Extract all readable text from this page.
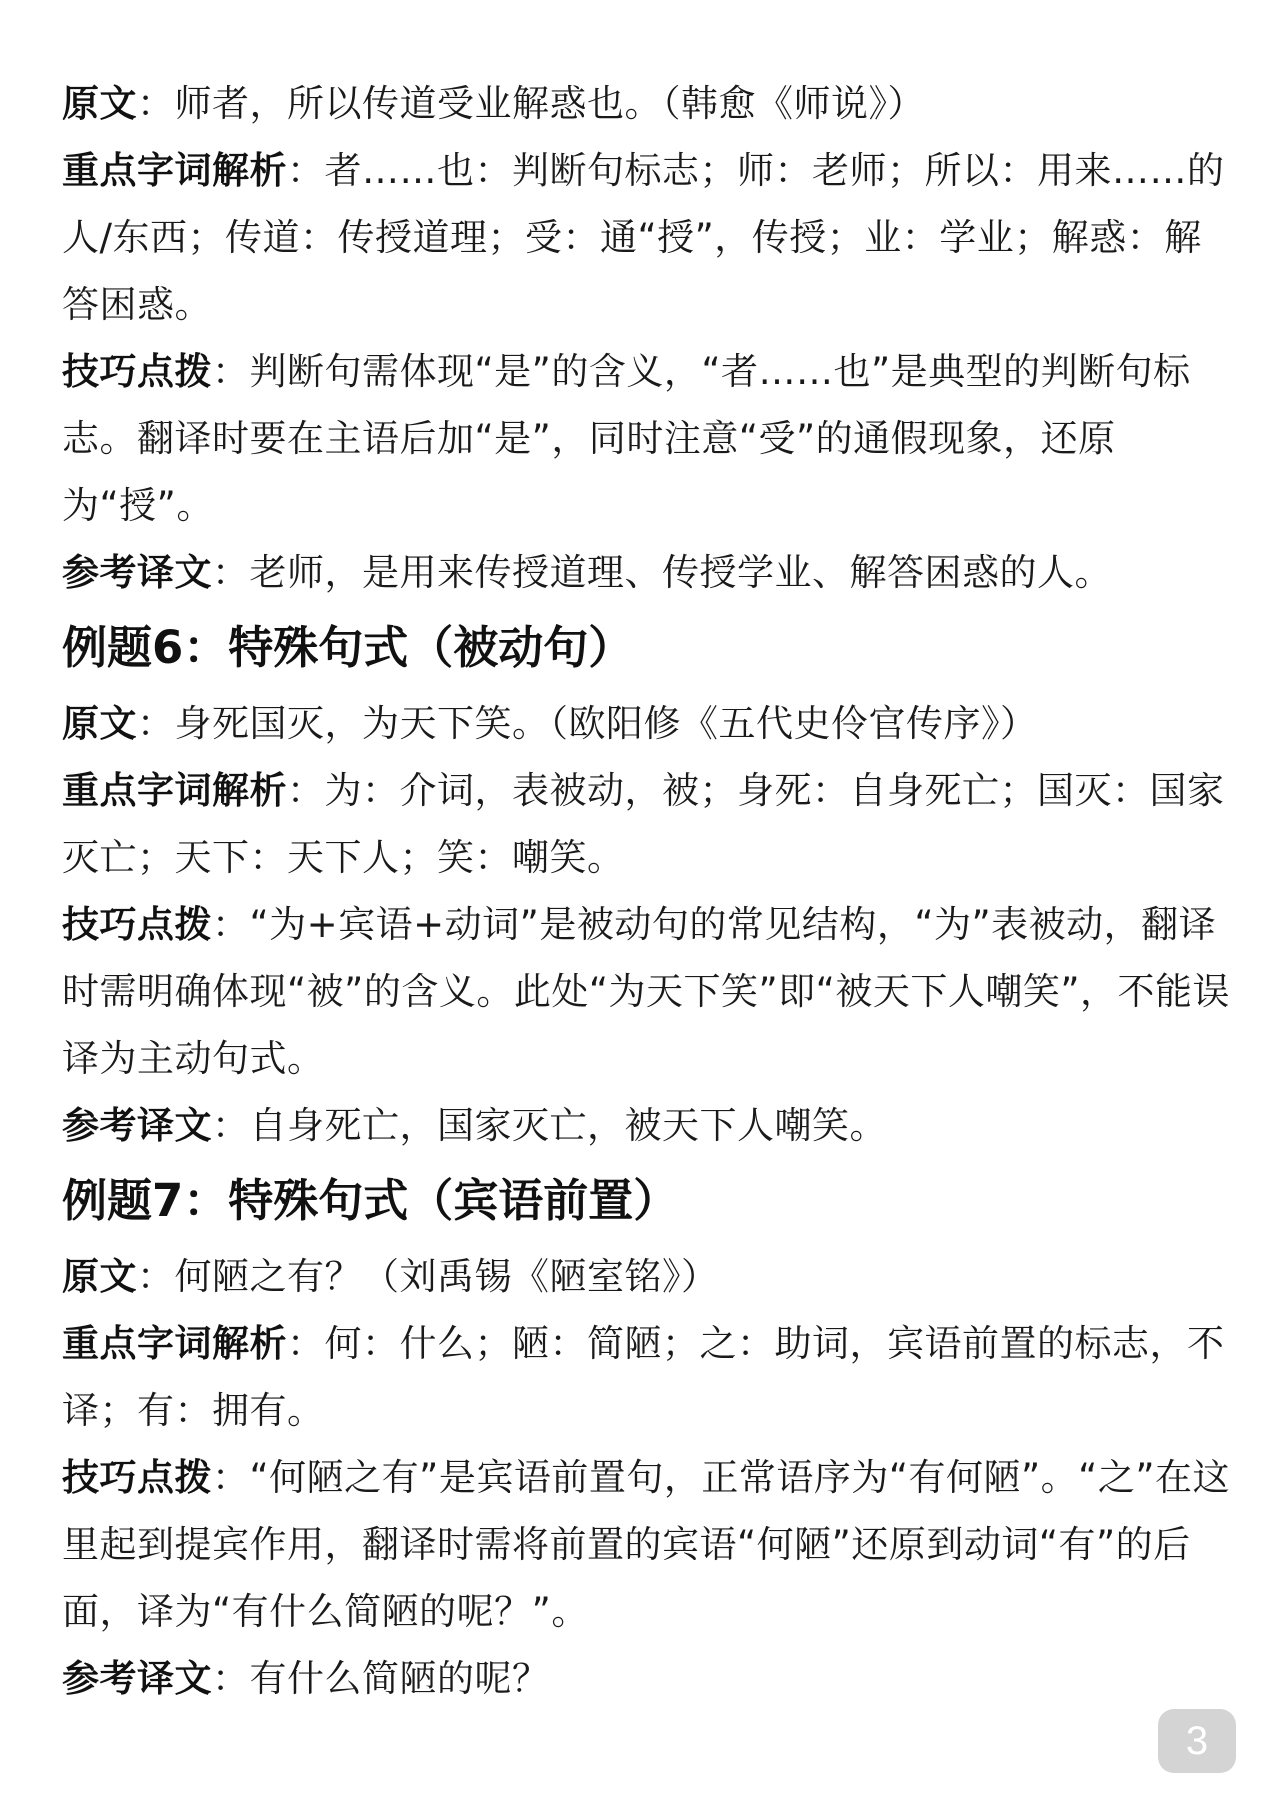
原文：师者，所以传道受业解惑也。（韩愈《师说》）

重点字词解析：者……也：判断句标志；师：老师；所以：用来……的人/东西；传道：传授道理；受：通“授”，传授；业：学业；解惑：解答困惑。

技巧点拨：判断句需体现“是”的含义，“者……也”是典型的判断句标志。翻译时要在主语后加“是”，同时注意“受”的通假现象，还原为“授”。

参考译文：老师，是用来传授道理、传授学业、解答困惑的人。

例题6：特殊句式（被动句）

原文：身死国灭，为天下笑。（欧阳修《五代史伶官传序》）

重点字词解析：为：介词，表被动，被；身死：自身死亡；国灭：国家灭亡；天下：天下人；笑：嘲笑。

技巧点拨：“为+宾语+动词”是被动句的常见结构，“为”表被动，翻译时需明确体现“被”的含义。此处“为天下笑”即“被天下人嘲笑”，不能误译为主动句式。

参考译文：自身死亡，国家灭亡，被天下人嘲笑。

例题7：特殊句式（宾语前置）

原文：何陋之有？（刘禹锡《陋室铭》）

重点字词解析：何：什么；陋：简陋；之：助词，宾语前置的标志，不译；有：拥有。

技巧点拨：“何陋之有”是宾语前置句，正常语序为“有何陋”。“之”在这里起到提宾作用，翻译时需将前置的宾语“何陋”还原到动词“有”的后面，译为“有什么简陋的呢？”。

参考译文：有什么简陋的呢？

3
